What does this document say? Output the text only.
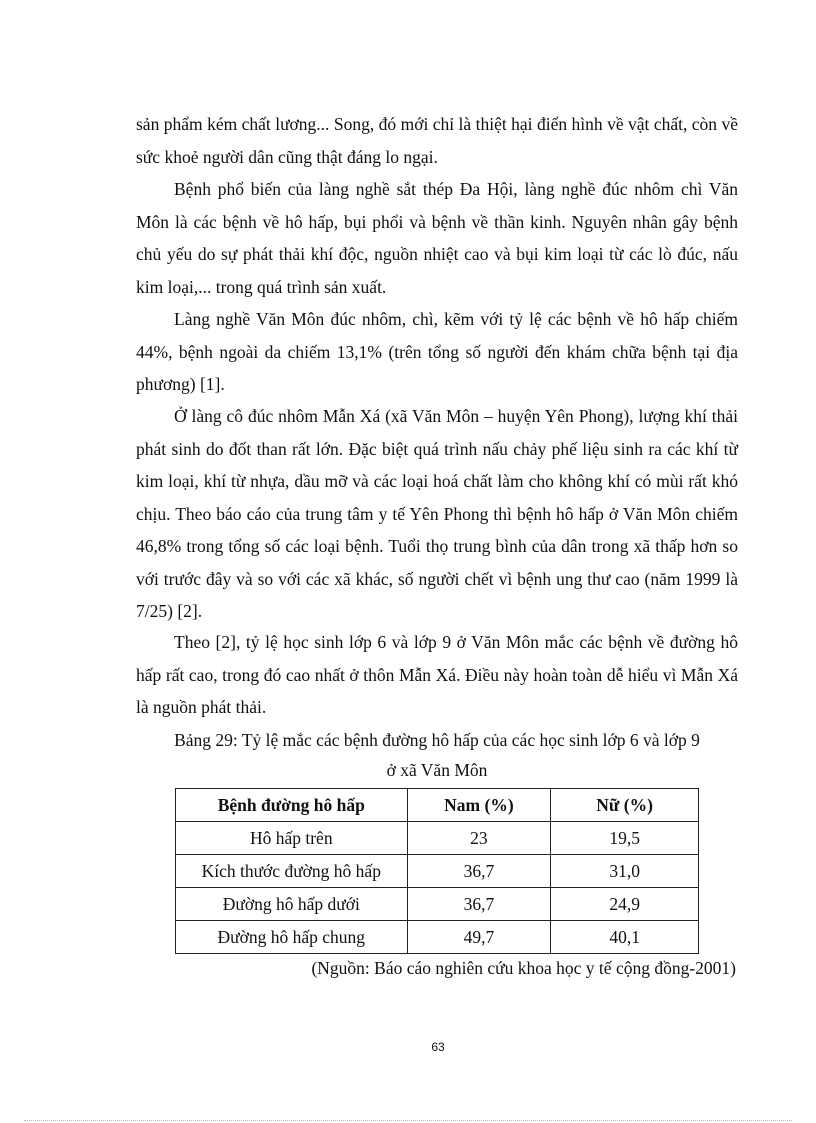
sản phẩm kém chất lương... Song, đó mới chỉ là thiệt hại điển hình về vật chất, còn về sức khoẻ người dân cũng thật đáng lo ngại.

Bệnh phổ biến của làng nghề sắt thép Đa Hội, làng nghề đúc nhôm chì Văn Môn là các bệnh về hô hấp, bụi phổi và bệnh về thần kinh. Nguyên nhân gây bệnh chủ yếu do sự phát thải khí độc, nguồn nhiệt cao và bụi kim loại từ các lò đúc, nấu kim loại,... trong quá trình sản xuất.

Làng nghề Văn Môn đúc nhôm, chì, kẽm với tỷ lệ các bệnh về hô hấp chiếm 44%, bệnh ngoài da chiếm 13,1% (trên tổng số người đến khám chữa bệnh tại địa phương) [1].

Ở làng cô đúc nhôm Mẫn Xá (xã Văn Môn – huyện Yên Phong), lượng khí thải phát sinh do đốt than rất lớn. Đặc biệt quá trình nấu chảy phế liệu sinh ra các khí từ kim loại, khí từ nhựa, dầu mỡ và các loại hoá chất làm cho không khí có mùi rất khó chịu. Theo báo cáo của trung tâm y tế Yên Phong thì bệnh hô hấp ở Văn Môn chiếm 46,8% trong tổng số các loại bệnh. Tuổi thọ trung bình của dân trong xã thấp hơn so với trước đây và so với các xã khác, số người chết vì bệnh ung thư cao (năm 1999 là 7/25) [2].

Theo [2], tỷ lệ học sinh lớp 6 và lớp 9 ở Văn Môn mắc các bệnh về đường hô hấp rất cao, trong đó cao nhất ở thôn Mẫn Xá. Điều này hoàn toàn dễ hiểu vì Mẫn Xá là nguồn phát thải.

Bảng 29: Tỷ lệ mắc các bệnh đường hô hấp của các học sinh lớp 6 và lớp 9
ở xã Văn Môn
Bệnh đường hô hấp	Nam (%)	Nữ (%)
Hô hấp trên	23	19,5
Kích thước đường hô hấp	36,7	31,0
Đường hô hấp dưới	36,7	24,9
Đường hô hấp chung	49,7	40,1
(Nguồn: Báo cáo nghiên cứu khoa học y tế cộng đồng-2001)
63
